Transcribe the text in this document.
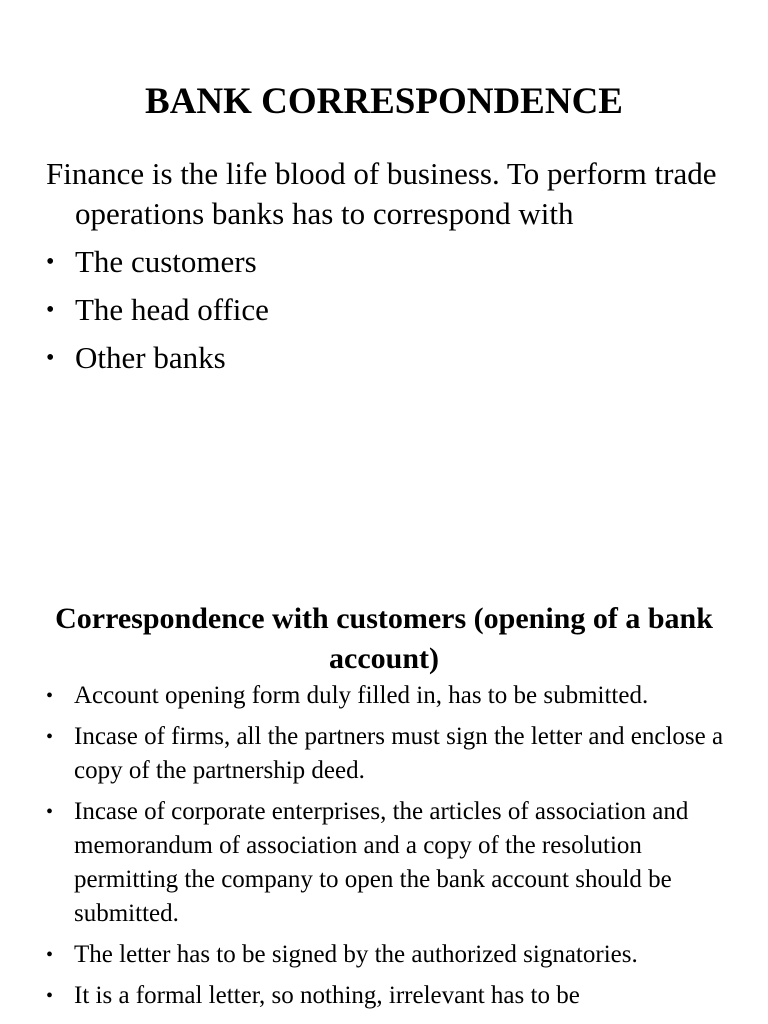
BANK CORRESPONDENCE

Finance is the life blood of business. To perform trade operations banks has to correspond with

• The customers
• The head office
• Other banks
Correspondence with customers (opening of a bank account)
• Account opening form duly filled in, has to be submitted.
• Incase of firms, all the partners must sign the letter and enclose a copy of the partnership deed.
• Incase of corporate enterprises, the articles of association and memorandum of association and a copy of the resolution permitting the company to open the bank account should be submitted.
• The letter has to be signed by the authorized signatories.
• It is a formal letter, so nothing, irrelevant has to be
